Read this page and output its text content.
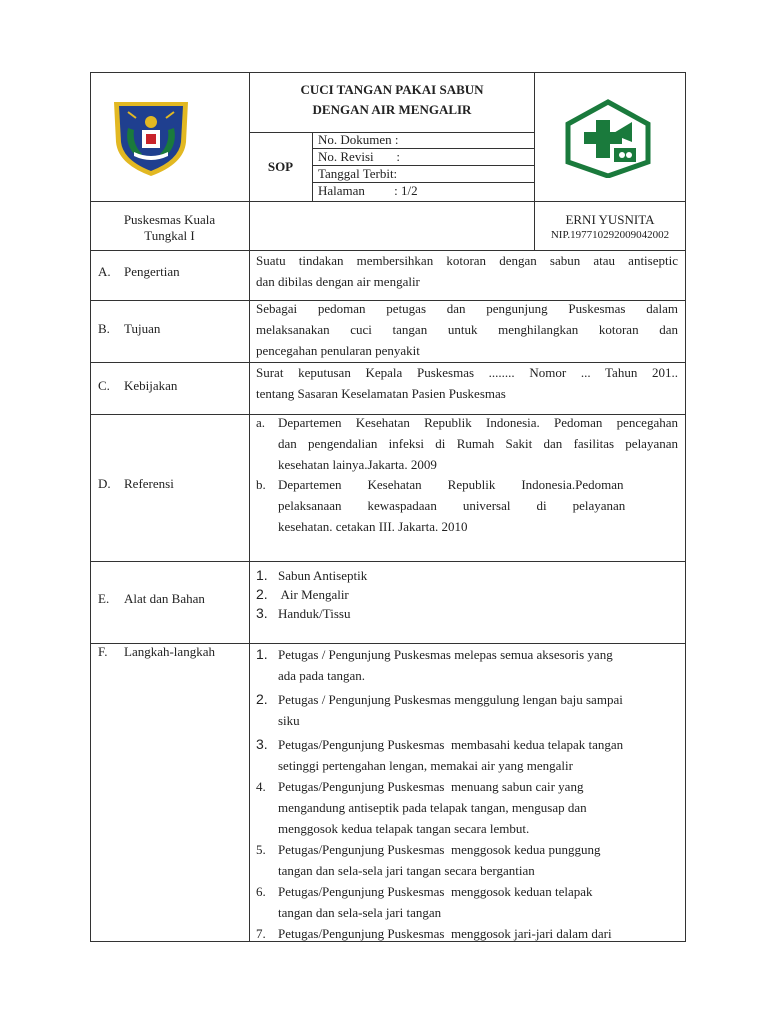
CUCI TANGAN PAKAI SABUN
DENGAN AIR MENGALIR
SOP
No. Dokumen :
No. Revisi       :
Tanggal Terbit:
Halaman         : 1/2
Puskesmas Kuala
Tungkal I
ERNI YUSNITA
NIP.197710292009042002
A. Pengertian
Suatu tindakan membersihkan kotoran dengan sabun atau antiseptic
dan dibilas dengan air mengalir
B. Tujuan
Sebagai pedoman petugas dan pengunjung Puskesmas dalam
melaksanakan cuci tangan untuk menghilangkan kotoran dan
pencegahan penularan penyakit
C. Kebijakan
Surat keputusan Kepala Puskesmas ........ Nomor ... Tahun 201..
tentang Sasaran Keselamatan Pasien Puskesmas
D. Referensi
a. Departemen Kesehatan Republik Indonesia. Pedoman pencegahan
dan pengendalian infeksi di Rumah Sakit dan fasilitas pelayanan
kesehatan lainya.Jakarta. 2009
b. Departemen        Kesehatan        Republik        Indonesia.Pedoman
pelaksanaan        kewaspadaan        universal        di        pelayanan
kesehatan. cetakan III. Jakarta. 2010
E. Alat dan Bahan
1. Sabun Antiseptik
2. Air Mengalir
3. Handuk/Tissu
F. Langkah-langkah	1. Petugas / Pengunjung Puskesmas melepas semua aksesoris yang
ada pada tangan.
2. Petugas / Pengunjung Puskesmas menggulung lengan baju sampai
siku
3. Petugas/Pengunjung Puskesmas  membasahi kedua telapak tangan
setinggi pertengahan lengan, memakai air yang mengalir
4. Petugas/Pengunjung Puskesmas  menuang sabun cair yang
mengandung antiseptik pada telapak tangan, mengusap dan
menggosok kedua telapak tangan secara lembut.
5. Petugas/Pengunjung Puskesmas  menggosok kedua punggung
tangan dan sela-sela jari tangan secara bergantian
6. Petugas/Pengunjung Puskesmas  menggosok keduan telapak
tangan dan sela-sela jari tangan
7. Petugas/Pengunjung Puskesmas  menggosok jari-jari dalam dari
